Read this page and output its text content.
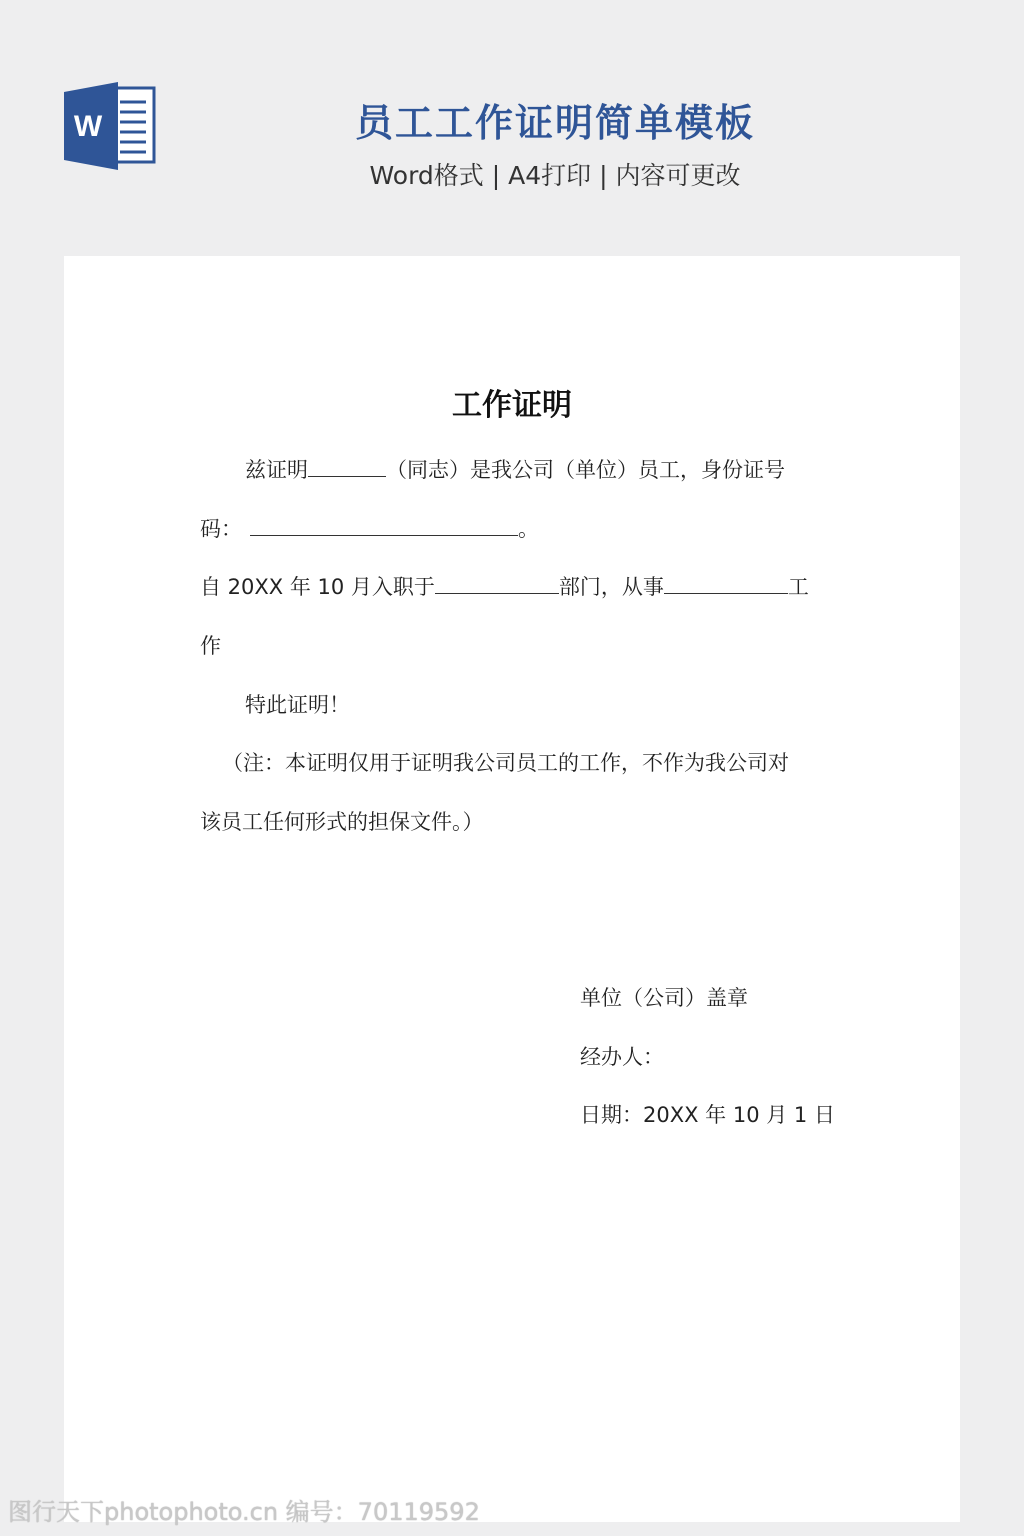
W	员工工作证明简单模板
Word格式 | A4打印 | 内容可更改
工作证明
兹证明	（同志）是我公司（单位）员工，身份证号
码：	。
自 20XX 年 10 月入职于	部门，从事	工
作
特此证明！
（注：本证明仅用于证明我公司员工的工作，不作为我公司对
该员工任何形式的担保文件。）
单位（公司）盖章
经办人：
日期：20XX 年 10 月 1 日
图行天下photophoto.cn 编号：70119592
